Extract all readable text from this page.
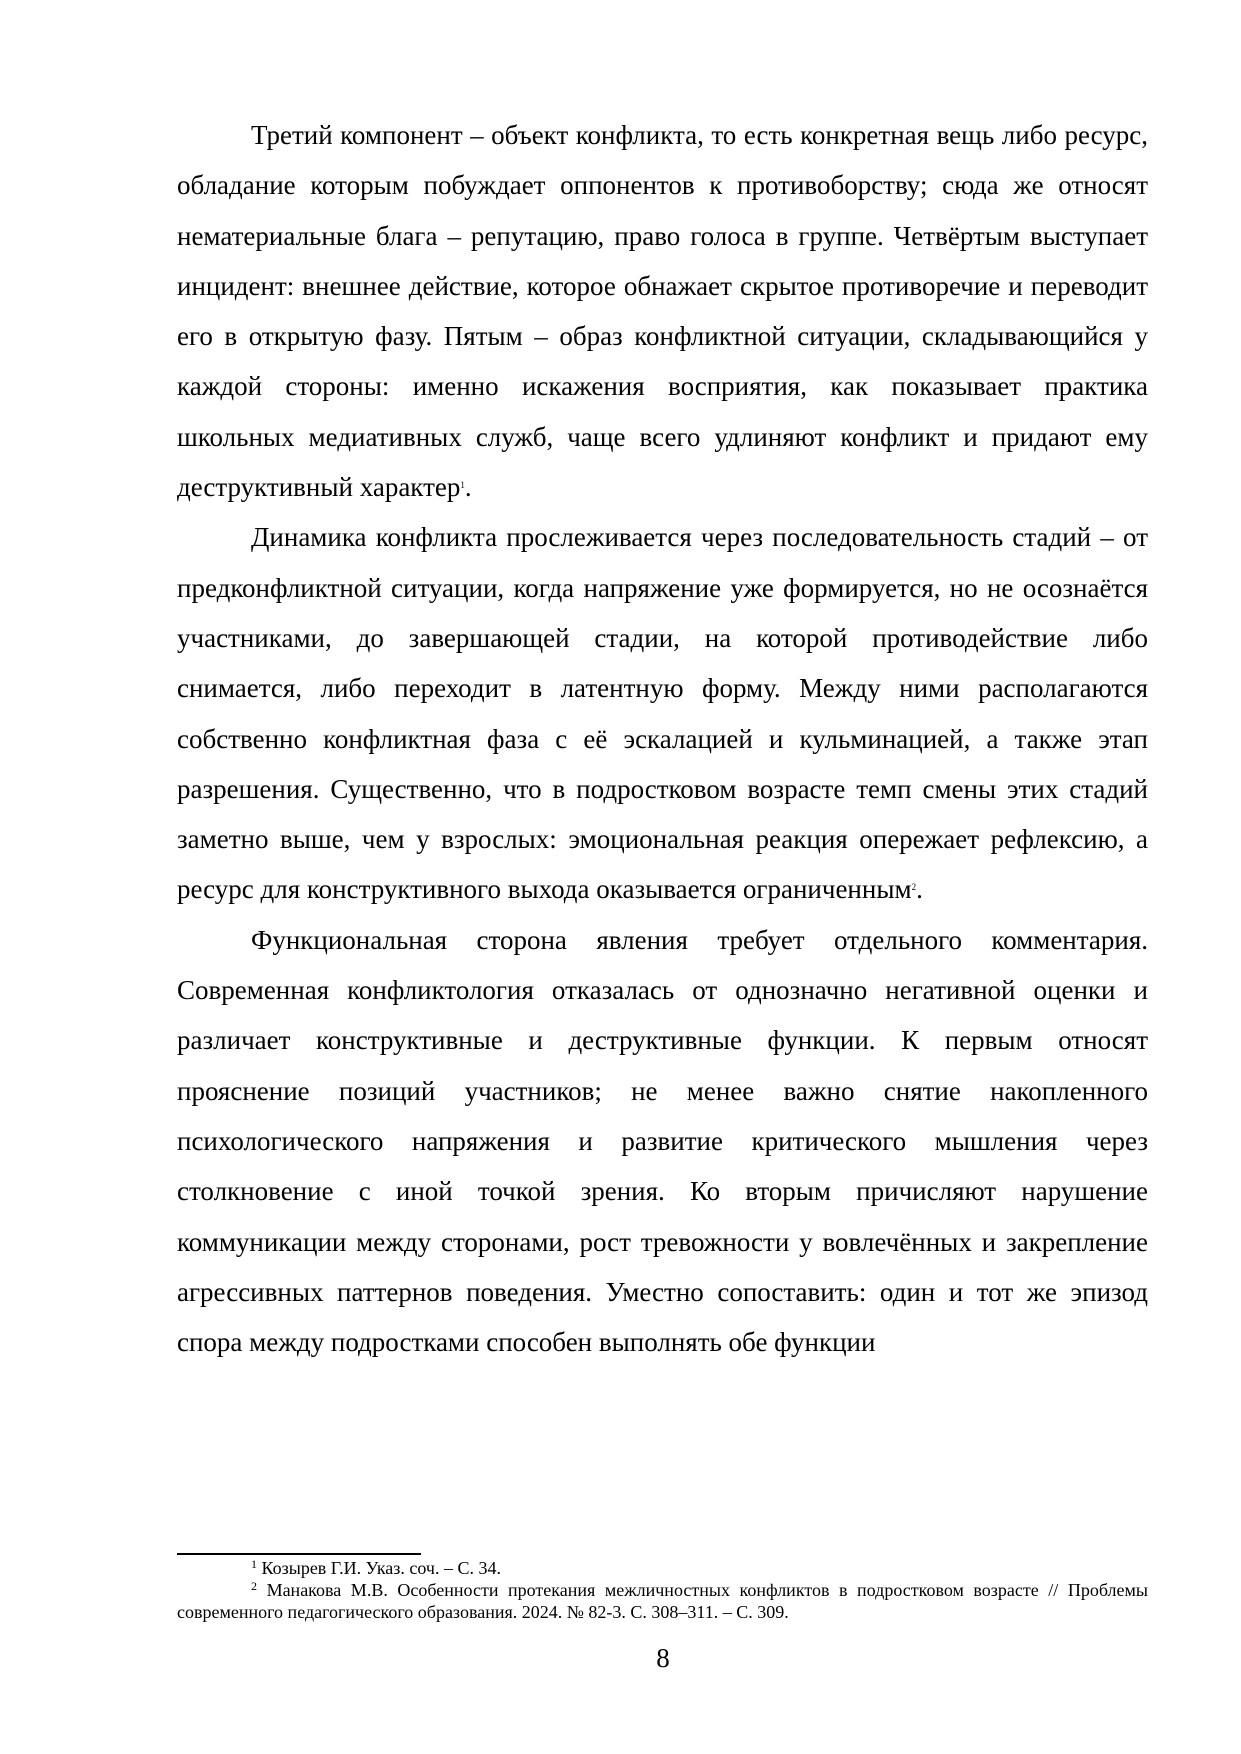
Третий компонент – объект конфликта, то есть конкретная вещь либо ресурс, обладание которым побуждает оппонентов к противоборству; сюда же относят нематериальные блага – репутацию, право голоса в группе. Четвёртым выступает инцидент: внешнее действие, которое обнажает скрытое противоречие и переводит его в открытую фазу. Пятым – образ конфликтной ситуации, складывающийся у каждой стороны: именно искажения восприятия, как показывает практика школьных медиативных служб, чаще всего удлиняют конфликт и придают ему деструктивный характер$^1$.

Динамика конфликта прослеживается через последовательность стадий – от предконфликтной ситуации, когда напряжение уже формируется, но не осознаётся участниками, до завершающей стадии, на которой противодействие либо снимается, либо переходит в латентную форму. Между ними располагаются собственно конфликтная фаза с её эскалацией и кульминацией, а также этап разрешения. Существенно, что в подростковом возрасте темп смены этих стадий заметно выше, чем у взрослых: эмоциональная реакция опережает рефлексию, а ресурс для конструктивного выхода оказывается ограниченным$^2$.

Функциональная сторона явления требует отдельного комментария. Современная конфликтология отказалась от однозначно негативной оценки и различает конструктивные и деструктивные функции. К первым относят прояснение позиций участников; не менее важно снятие накопленного психологического напряжения и развитие критического мышления через столкновение с иной точкой зрения. Ко вторым причисляют нарушение коммуникации между сторонами, рост тревожности у вовлечённых и закрепление агрессивных паттернов поведения. Уместно сопоставить: один и тот же эпизод спора между подростками способен выполнять обе функции

$^1$ Козырев Г.И. Указ. соч. – С. 34.

$^2$ Манакова М.В. Особенности протекания межличностных конфликтов в подростковом возрасте // Проблемы современного педагогического образования. 2024. № 82-3. С. 308–311. – С. 309.

8
